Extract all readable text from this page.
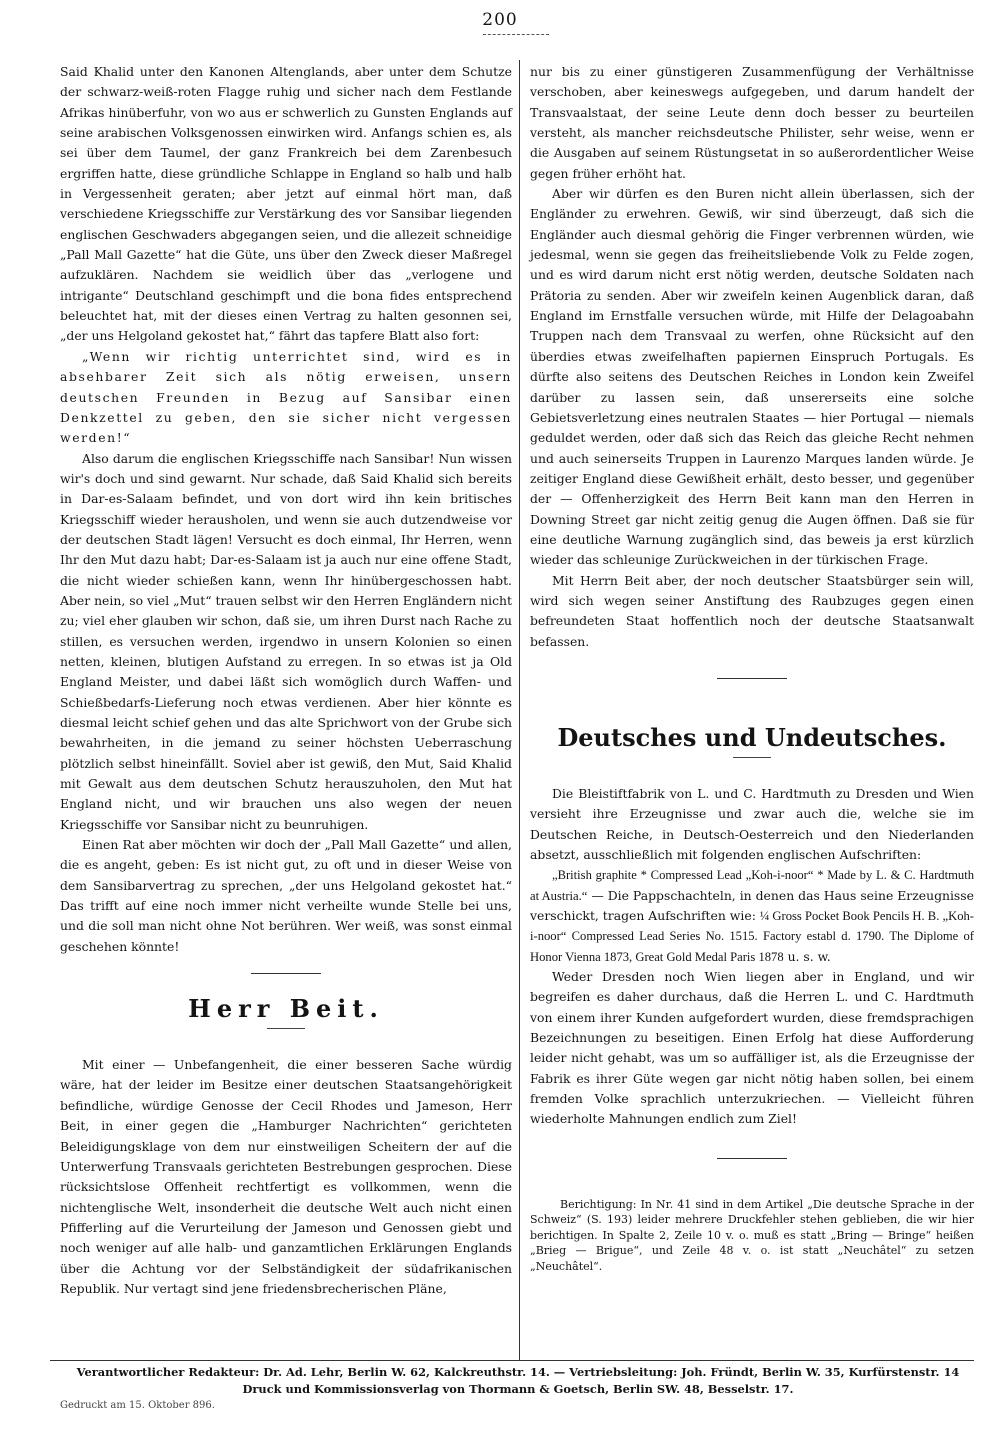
200

Said Khalid unter den Kanonen Altenglands, aber unter dem Schutze der schwarz-weiß-roten Flagge ruhig und sicher nach dem Festlande Afrikas hinüberfuhr, von wo aus er schwerlich zu Gunsten Englands auf seine arabischen Volksgenossen einwirken wird. Anfangs schien es, als sei über dem Taumel, der ganz Frankreich bei dem Zarenbesuch ergriffen hatte, diese gründliche Schlappe in England so halb und halb in Vergessenheit geraten; aber jetzt auf einmal hört man, daß verschiedene Kriegsschiffe zur Verstärkung des vor Sansibar liegenden englischen Geschwaders abgegangen seien, und die allezeit schneidige „Pall Mall Gazette“ hat die Güte, uns über den Zweck dieser Maßregel aufzuklären. Nachdem sie weidlich über das „verlogene und intrigante“ Deutschland geschimpft und die bona fides entsprechend beleuchtet hat, mit der dieses einen Vertrag zu halten gesonnen sei, „der uns Helgoland gekostet hat,“ fährt das tapfere Blatt also fort:

„Wenn wir richtig unterrichtet sind, wird es in absehbarer Zeit sich als nötig erweisen, unsern deutschen Freunden in Bezug auf Sansibar einen Denkzettel zu geben, den sie sicher nicht vergessen werden!“

Also darum die englischen Kriegsschiffe nach Sansibar! Nun wissen wir's doch und sind gewarnt. Nur schade, daß Said Khalid sich bereits in Dar-es-Salaam befindet, und von dort wird ihn kein britisches Kriegsschiff wieder herausholen, und wenn sie auch dutzendweise vor der deutschen Stadt lägen! Versucht es doch einmal, Ihr Herren, wenn Ihr den Mut dazu habt; Dar-es-Salaam ist ja auch nur eine offene Stadt, die nicht wieder schießen kann, wenn Ihr hinübergeschossen habt. Aber nein, so viel „Mut“ trauen selbst wir den Herren Engländern nicht zu; viel eher glauben wir schon, daß sie, um ihren Durst nach Rache zu stillen, es versuchen werden, irgendwo in unsern Kolonien so einen netten, kleinen, blutigen Aufstand zu erregen. In so etwas ist ja Old England Meister, und dabei läßt sich womöglich durch Waffen- und Schießbedarfs-Lieferung noch etwas verdienen. Aber hier könnte es diesmal leicht schief gehen und das alte Sprichwort von der Grube sich bewahrheiten, in die jemand zu seiner höchsten Ueberraschung plötzlich selbst hineinfällt. Soviel aber ist gewiß, den Mut, Said Khalid mit Gewalt aus dem deutschen Schutz herauszuholen, den Mut hat England nicht, und wir brauchen uns also wegen der neuen Kriegsschiffe vor Sansibar nicht zu beunruhigen.

Einen Rat aber möchten wir doch der „Pall Mall Gazette“ und allen, die es angeht, geben: Es ist nicht gut, zu oft und in dieser Weise von dem Sansibarvertrag zu sprechen, „der uns Helgoland gekostet hat.“ Das trifft auf eine noch immer nicht verheilte wunde Stelle bei uns, und die soll man nicht ohne Not berühren. Wer weiß, was sonst einmal geschehen könnte!

Herr Beit.

Mit einer — Unbefangenheit, die einer besseren Sache würdig wäre, hat der leider im Besitze einer deutschen Staatsangehörigkeit befindliche, würdige Genosse der Cecil Rhodes und Jameson, Herr Beit, in einer gegen die „Hamburger Nachrichten“ gerichteten Beleidigungsklage von dem nur einstweiligen Scheitern der auf die Unterwerfung Transvaals gerichteten Bestrebungen gesprochen. Diese rücksichtslose Offenheit rechtfertigt es vollkommen, wenn die nichtenglische Welt, insonderheit die deutsche Welt auch nicht einen Pfifferling auf die Verurteilung der Jameson und Genossen giebt und noch weniger auf alle halb- und ganzamtlichen Erklärungen Englands über die Achtung vor der Selbständigkeit der südafrikanischen Republik. Nur vertagt sind jene friedensbrecherischen Pläne,

nur bis zu einer günstigeren Zusammenfügung der Verhältnisse verschoben, aber keineswegs aufgegeben, und darum handelt der Transvaalstaat, der seine Leute denn doch besser zu beurteilen versteht, als mancher reichsdeutsche Philister, sehr weise, wenn er die Ausgaben auf seinem Rüstungsetat in so außerordentlicher Weise gegen früher erhöht hat.

Aber wir dürfen es den Buren nicht allein überlassen, sich der Engländer zu erwehren. Gewiß, wir sind überzeugt, daß sich die Engländer auch diesmal gehörig die Finger verbrennen würden, wie jedesmal, wenn sie gegen das freiheitsliebende Volk zu Felde zogen, und es wird darum nicht erst nötig werden, deutsche Soldaten nach Prätoria zu senden. Aber wir zweifeln keinen Augenblick daran, daß England im Ernstfalle versuchen würde, mit Hilfe der Delagoabahn Truppen nach dem Transvaal zu werfen, ohne Rücksicht auf den überdies etwas zweifelhaften papiernen Einspruch Portugals. Es dürfte also seitens des Deutschen Reiches in London kein Zweifel darüber zu lassen sein, daß unsererseits eine solche Gebietsverletzung eines neutralen Staates — hier Portugal — niemals geduldet werden, oder daß sich das Reich das gleiche Recht nehmen und auch seinerseits Truppen in Laurenzo Marques landen würde. Je zeitiger England diese Gewißheit erhält, desto besser, und gegenüber der — Offenherzigkeit des Herrn Beit kann man den Herren in Downing Street gar nicht zeitig genug die Augen öffnen. Daß sie für eine deutliche Warnung zugänglich sind, das beweis ja erst kürzlich wieder das schleunige Zurückweichen in der türkischen Frage.

Mit Herrn Beit aber, der noch deutscher Staatsbürger sein will, wird sich wegen seiner Anstiftung des Raubzuges gegen einen befreundeten Staat hoffentlich noch der deutsche Staatsanwalt befassen.

Deutsches und Undeutsches.

Die Bleistiftfabrik von L. und C. Hardtmuth zu Dresden und Wien versieht ihre Erzeugnisse und zwar auch die, welche sie im Deutschen Reiche, in Deutsch-Oesterreich und den Niederlanden absetzt, ausschließlich mit folgenden englischen Aufschriften:

„British graphite * Compressed Lead „Koh-i-noor“ * Made by L. & C. Hardtmuth at Austria.“ — Die Pappschachteln, in denen das Haus seine Erzeugnisse verschickt, tragen Aufschriften wie: ¼ Gross Pocket Book Pencils H. B. „Koh-i-noor“ Compressed Lead Series No. 1515. Factory establ d. 1790. The Diplome of Honor Vienna 1873, Great Gold Medal Paris 1878 u. s. w.

Weder Dresden noch Wien liegen aber in England, und wir begreifen es daher durchaus, daß die Herren L. und C. Hardtmuth von einem ihrer Kunden aufgefordert wurden, diese fremdsprachigen Bezeichnungen zu beseitigen. Einen Erfolg hat diese Aufforderung leider nicht gehabt, was um so auffälliger ist, als die Erzeugnisse der Fabrik es ihrer Güte wegen gar nicht nötig haben sollen, bei einem fremden Volke sprachlich unterzukriechen. — Vielleicht führen wiederholte Mahnungen endlich zum Ziel!

Berichtigung: In Nr. 41 sind in dem Artikel „Die deutsche Sprache in der Schweiz“ (S. 193) leider mehrere Druckfehler stehen geblieben, die wir hier berichtigen. In Spalte 2, Zeile 10 v. o. muß es statt „Bring — Bringe“ heißen „Brieg — Brigue“, und Zeile 48 v. o. ist statt „Neuchâtel“ zu setzen „Neuchâtel“.

Verantwortlicher Redakteur: Dr. Ad. Lehr, Berlin W. 62, Kalckreuthstr. 14. — Vertriebsleitung: Joh. Fründt, Berlin W. 35, Kurfürstenstr. 14
Druck und Kommissionsverlag von Thormann & Goetsch, Berlin SW. 48, Besselstr. 17.
Gedruckt am 15. Oktober 896.
